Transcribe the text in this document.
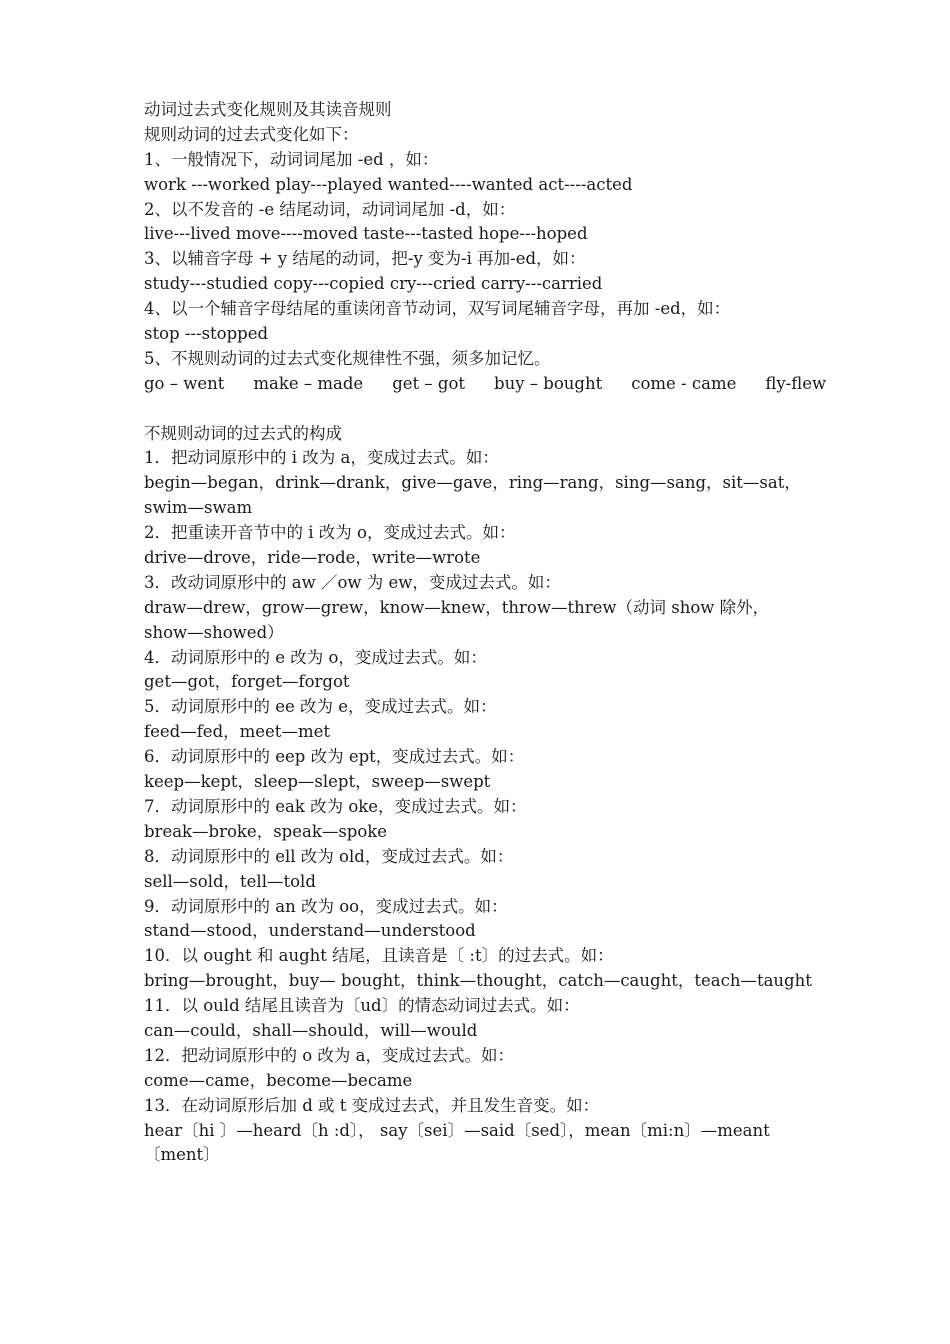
动词过去式变化规则及其读音规则
规则动词的过去式变化如下：
1、一般情况下，动词词尾加 -ed ，如：
work ---worked play---played wanted----wanted act----acted
2、以不发音的 -e 结尾动词，动词词尾加 -d，如：
live---lived move----moved taste---tasted hope---hoped
3、以辅音字母 + y 结尾的动词，把-y 变为-i 再加-ed，如：
study---studied copy---copied cry---cried carry---carried
4、以一个辅音字母结尾的重读闭音节动词，双写词尾辅音字母，再加 -ed，如：
stop ---stopped
5、不规则动词的过去式变化规律性不强，须多加记忆。
go – went make – made get – got buy – bought come - came fly-flew
不规则动词的过去式的构成
1．把动词原形中的 i 改为 a，变成过去式。如：
begin—began，drink—drank，give—gave，ring—rang，sing—sang，sit—sat，
swim—swam
2．把重读开音节中的 i 改为 o，变成过去式。如：
drive—drove，ride—rode，write—wrote
3．改动词原形中的 aw ／ow 为 ew，变成过去式。如：
draw—drew，grow—grew，know—knew，throw—threw（动词 show 除外，
show—showed）
4．动词原形中的 e 改为 o，变成过去式。如：
get—got，forget—forgot
5．动词原形中的 ee 改为 e，变成过去式。如：
feed—fed，meet—met
6．动词原形中的 eep 改为 ept，变成过去式。如：
keep—kept，sleep—slept，sweep—swept
7．动词原形中的 eak 改为 oke，变成过去式。如：
break—broke，speak—spoke
8．动词原形中的 ell 改为 old，变成过去式。如：
sell—sold，tell—told
9．动词原形中的 an 改为 oo，变成过去式。如：
stand—stood，understand—understood
10．以 ought 和 aught 结尾，且读音是〔 :t〕的过去式。如：
bring—brought，buy— bought，think—thought，catch—caught，teach—taught
11．以 ould 结尾且读音为〔ud〕的情态动词过去式。如：
can—could，shall—should，will—would
12．把动词原形中的 o 改为 a，变成过去式。如：
come—came，become—became
13．在动词原形后加 d 或 t 变成过去式，并且发生音变。如：
hear〔hi 〕—heard〔h :d〕， say〔sei〕—said〔sed〕，mean〔mi:n〕—meant
〔ment〕
